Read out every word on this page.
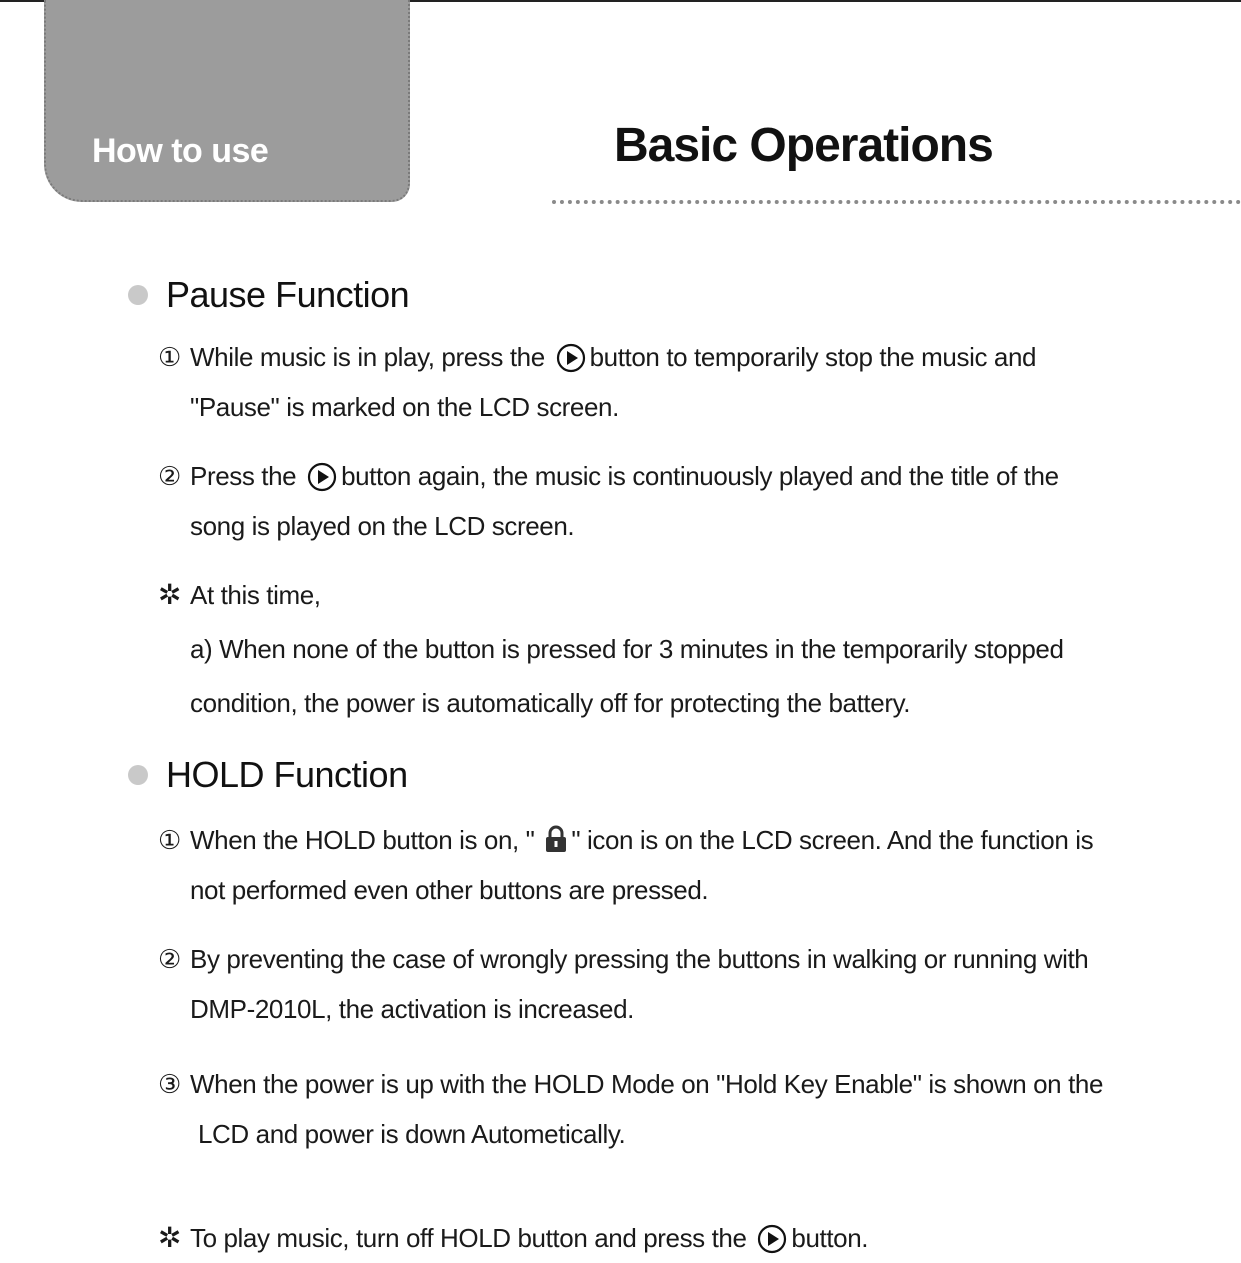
How to use	Basic Operations
Pause Function

① While music is in play, press the button to temporarily stop the music and
"Pause" is marked on the LCD screen.

② Press the button again, the music is continuously played and the title of the
song is played on the LCD screen.

✲ At this time,
a) When none of the button is pressed for 3 minutes in the temporarily stopped
condition, the power is automatically off for protecting the battery.

HOLD Function

① When the HOLD button is on, " " icon is on the LCD screen. And the function is
not performed even other buttons are pressed.

② By preventing the case of wrongly pressing the buttons in walking or running with
DMP-2010L, the activation is increased.

③ When the power is up with the HOLD Mode on "Hold Key Enable" is shown on the
LCD and power is down Autometically.

✲ To play music, turn off HOLD button and press the button.
